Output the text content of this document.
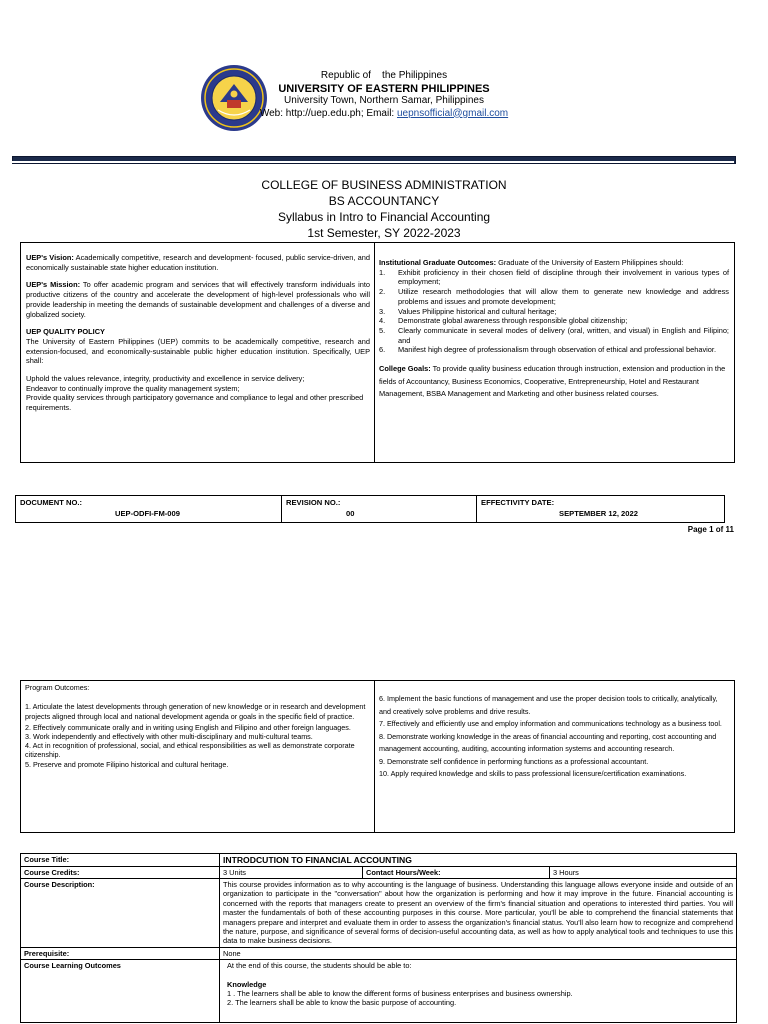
Republic of    the Philippines
UNIVERSITY OF EASTERN PHILIPPINES
University Town, Northern Samar, Philippines
Web: http://uep.edu.ph; Email: uepnsofficial@gmail.com
COLLEGE OF BUSINESS ADMINISTRATION
BS ACCOUNTANCY
Syllabus in Intro to Financial Accounting
1st Semester, SY 2022-2023
UEP's Vision: Academically competitive, research and development- focused, public service-driven, and economically sustainable state higher education institution.
UEP's Mission: To offer academic program and services that will effectively transform individuals into productive citizens of the country and accelerate the development of high-level professionals who will provide leadership in meeting the demands of sustainable development and challenges of a diverse and globalized society.
UEP QUALITY POLICY
The University of Eastern Philippines (UEP) commits to be academically competitive, research and extension-focused, and economically-sustainable public higher education institution. Specifically, UEP shall:
Uphold the values relevance, integrity, productivity and excellence in service delivery;
Endeavor to continually improve the quality management system;
Provide quality services through participatory governance and compliance to legal and other prescribed requirements.
Institutional Graduate Outcomes: Graduate of the University of Eastern Philippines should:
1. Exhibit proficiency in their chosen field of discipline through their involvement in various types of employment;
2. Utilize research methodologies that will allow them to generate new knowledge and address problems and issues and promote development;
3. Values Philippine historical and cultural heritage;
4. Demonstrate global awareness through responsible global citizenship;
5. Clearly communicate in several modes of delivery (oral, written, and visual) in English and Filipino; and
6. Manifest high degree of professionalism through observation of ethical and professional behavior.
College Goals: To provide quality business education through instruction, extension and production in the fields of Accountancy, Business Economics, Cooperative, Entrepreneurship, Hotel and Restaurant Management, BSBA Management and Marketing and other business related courses.
DOCUMENT NO.:
UEP-ODFI-FM-009
REVISION NO.:
00
EFFECTIVITY DATE:
SEPTEMBER 12, 2022
Page 1 of 11
Program Outcomes:
1. Articulate the latest developments through generation of new knowledge or in research and development projects aligned through local and national development agenda or goals in the specific field of practice.
2. Effectively communicate orally and in writing using English and Filipino and other foreign languages.
3. Work independently and effectively with other multi-disciplinary and multi-cultural teams.
4. Act in recognition of professional, social, and ethical responsibilities as well as demonstrate corporate citizenship.
5. Preserve and promote Filipino historical and cultural heritage.
6. Implement the basic functions of management and use the proper decision tools to critically, analytically, and creatively solve problems and drive results.
7. Effectively and efficiently use and employ information and communications technology as a business tool.
8. Demonstrate working knowledge in the areas of financial accounting and reporting, cost accounting and management accounting, auditing, accounting information systems and accounting research.
9. Demonstrate self confidence in performing functions as a professional accountant.
10. Apply required knowledge and skills to pass professional licensure/certification examinations.
Course Title:	INTRODCUTION TO FINANCIAL ACCOUNTING		
Course Credits:	3 Units	Contact Hours/Week:	3 Hours
Course Description:	This course provides information as to why accounting is the language of business. Understanding this language allows everyone inside and outside of an organization to participate in the "conversation" about how the organization is performing and how it may improve in the future. Financial accounting is concerned with the reports that managers create to present an overview of the firm's financial situation and operations to interested third parties. You will master the fundamentals of both of these accounting purposes in this course. More particular, you'll be able to comprehend the financial statements that managers prepare and interpret and evaluate them in order to assess the organization's financial status. You'll also learn how to recognize and comprehend the nature, purpose, and significance of several forms of decision-useful accounting data, as well as how to apply analytical tools and techniques to use this data to make business decisions.		
Prerequisite:	None		
Course Learning Outcomes	At the end of this course, the students should be able to:
Knowledge
1 . The learners shall be able to know the different forms of business enterprises and business ownership.
2. The learners shall be able to know the basic purpose of accounting.		
